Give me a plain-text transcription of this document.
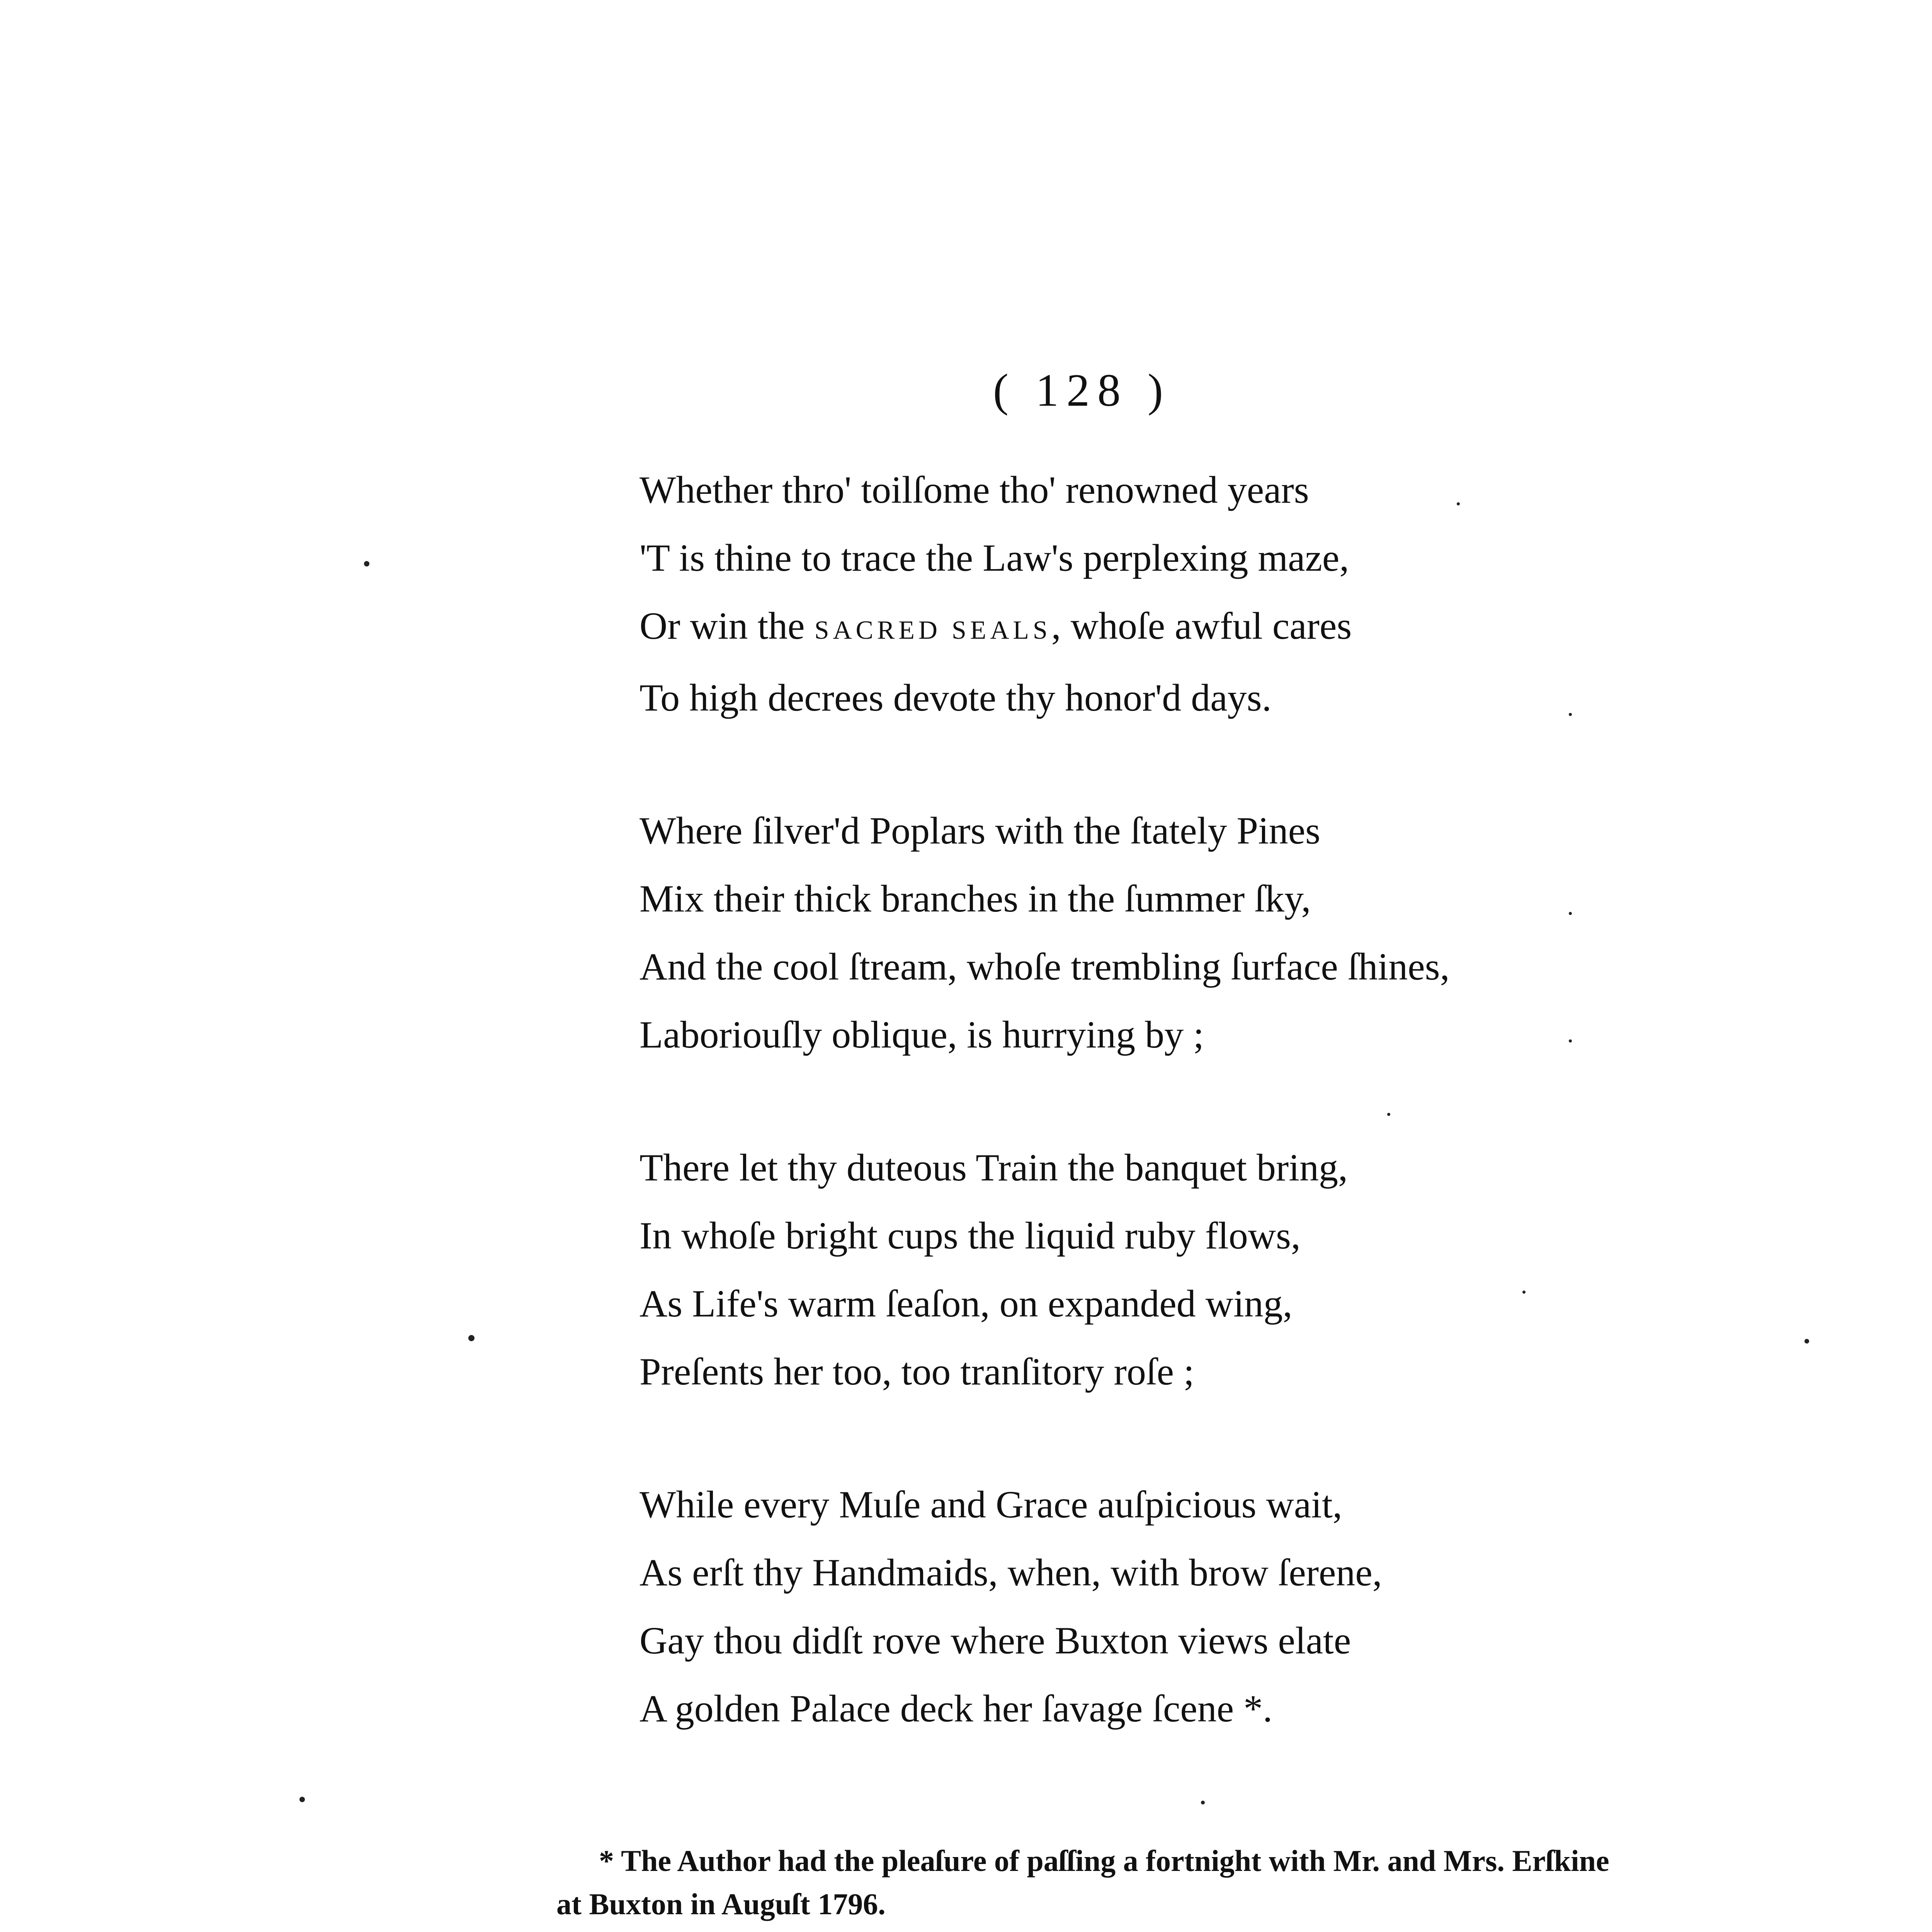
( 128 )
Whether thro' toilſome tho' renowned years
'T is thine to trace the Law's perplexing maze,
Or win the SACRED SEALS, whoſe awful cares
To high decrees devote thy honor'd days.
Where ſilver'd Poplars with the ſtately Pines
Mix their thick branches in the ſummer ſky,
And the cool ſtream, whoſe trembling ſurface ſhines,
Laboriouſly oblique, is hurrying by ;
There let thy duteous Train the banquet bring,
In whoſe bright cups the liquid ruby flows,
As Life's warm ſeaſon, on expanded wing,
Preſents her too, too tranſitory roſe ;
While every Muſe and Grace auſpicious wait,
As erſt thy Handmaids, when, with brow ſerene,
Gay thou didſt rove where Buxton views elate
A golden Palace deck her ſavage ſcene *.
* The Author had the pleaſure of paſſing a fortnight with Mr. and Mrs. Erſkine
at Buxton in Auguſt 1796.
